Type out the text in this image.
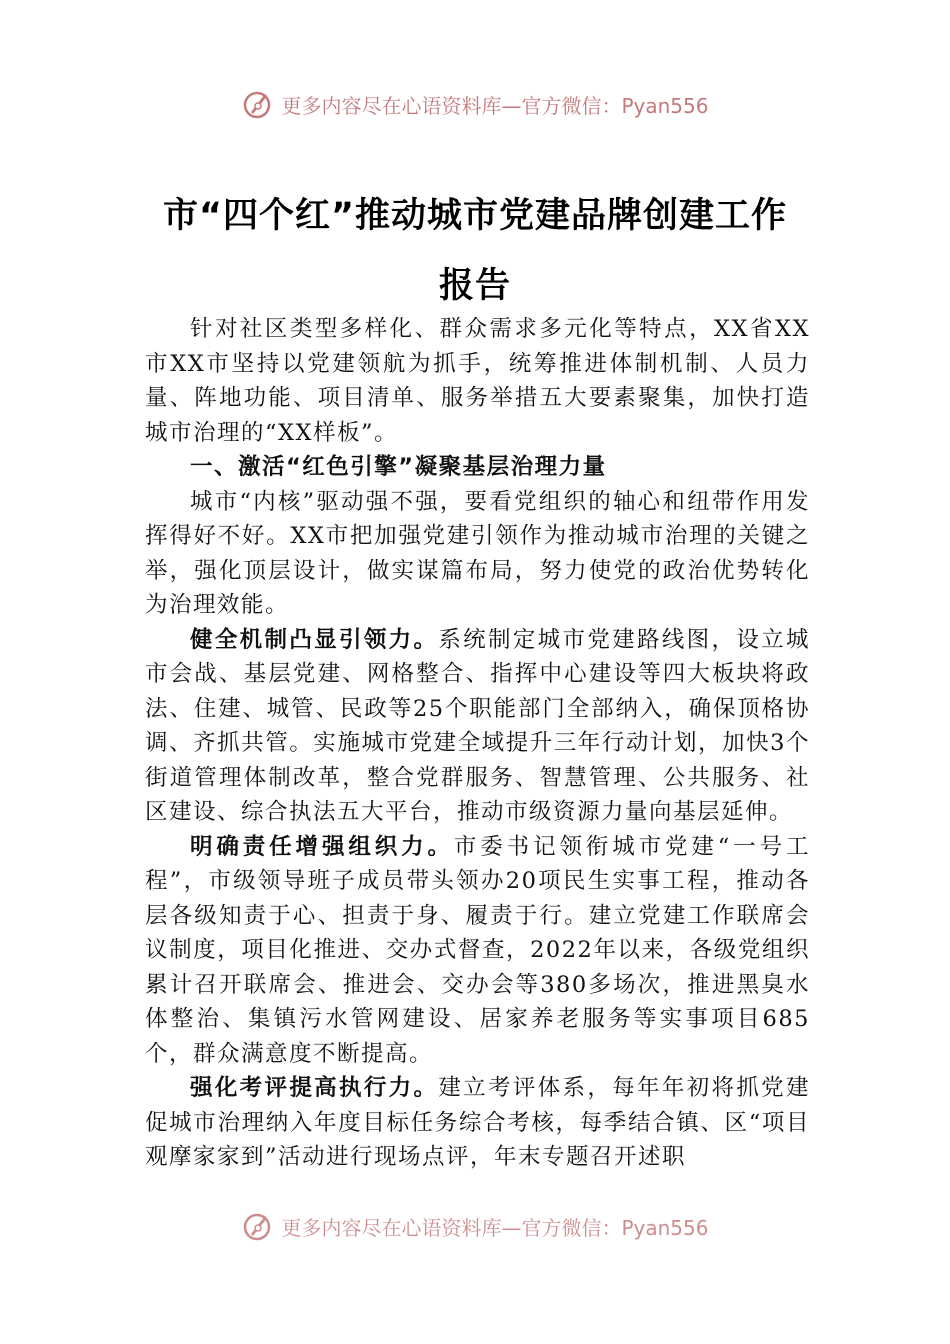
更多内容尽在心语资料库—官方微信：Pyan556
市“四个红”推动城市党建品牌创建工作
报告

针对社区类型多样化、群众需求多元化等特点，XX省XX市XX市坚持以党建领航为抓手，统筹推进体制机制、人员力量、阵地功能、项目清单、服务举措五大要素聚集，加快打造城市治理的“XX样板”。

一、激活“红色引擎”凝聚基层治理力量

城市“内核”驱动强不强，要看党组织的轴心和纽带作用发挥得好不好。XX市把加强党建引领作为推动城市治理的关键之举，强化顶层设计，做实谋篇布局，努力使党的政治优势转化为治理效能。

健全机制凸显引领力。系统制定城市党建路线图，设立城市会战、基层党建、网格整合、指挥中心建设等四大板块将政法、住建、城管、民政等25个职能部门全部纳入，确保顶格协调、齐抓共管。实施城市党建全域提升三年行动计划，加快3个街道管理体制改革，整合党群服务、智慧管理、公共服务、社区建设、综合执法五大平台，推动市级资源力量向基层延伸。

明确责任增强组织力。市委书记领衔城市党建“一号工程”，市级领导班子成员带头领办20项民生实事工程，推动各层各级知责于心、担责于身、履责于行。建立党建工作联席会议制度，项目化推进、交办式督查，2022年以来，各级党组织累计召开联席会、推进会、交办会等380多场次，推进黑臭水体整治、集镇污水管网建设、居家养老服务等实事项目685个，群众满意度不断提高。

强化考评提高执行力。建立考评体系，每年年初将抓党建促城市治理纳入年度目标任务综合考核，每季结合镇、区“项目观摩家家到”活动进行现场点评，年末专题召开述职

更多内容尽在心语资料库—官方微信：Pyan556
